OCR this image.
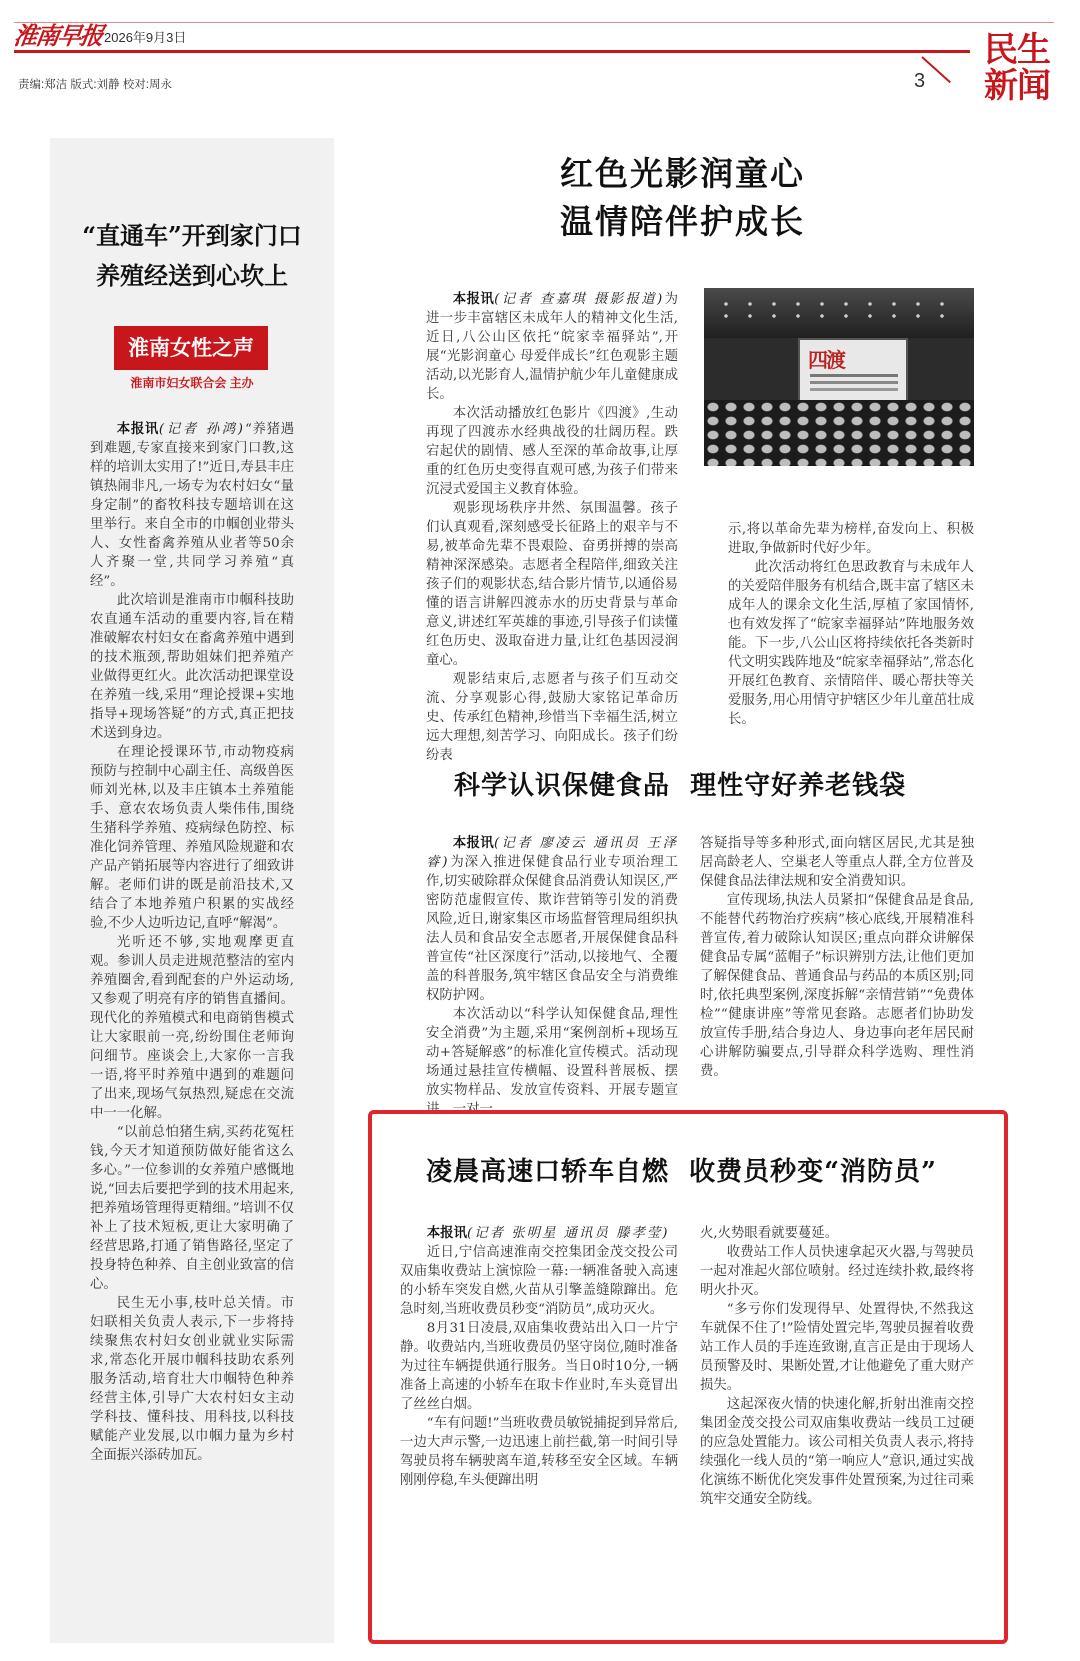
淮南早报 2026年9月3日
责编:郑洁 版式:刘静 校对:周永	3
民生新闻
“直通车”开到家门口
养殖经送到心坎上
淮南女性之声
淮南市妇女联合会 主办

本报讯(记者 孙鸿)“养猪遇到难题,专家直接来到家门口教,这样的培训太实用了!”近日,寿县丰庄镇热闹非凡,一场专为农村妇女“量身定制”的畜牧科技专题培训在这里举行。来自全市的巾帼创业带头人、女性畜禽养殖从业者等50余人齐聚一堂,共同学习养殖“真经”。

此次培训是淮南市巾帼科技助农直通车活动的重要内容,旨在精准破解农村妇女在畜禽养殖中遇到的技术瓶颈,帮助姐妹们把养殖产业做得更红火。此次活动把课堂设在养殖一线,采用“理论授课+实地指导+现场答疑”的方式,真正把技术送到身边。

在理论授课环节,市动物疫病预防与控制中心副主任、高级兽医师刘光林,以及丰庄镇本土养殖能手、意农农场负责人柴伟伟,围绕生猪科学养殖、疫病绿色防控、标准化饲养管理、养殖风险规避和农产品产销拓展等内容进行了细致讲解。老师们讲的既是前沿技术,又结合了本地养殖户积累的实战经验,不少人边听边记,直呼“解渴”。

光听还不够,实地观摩更直观。参训人员走进规范整洁的室内养殖圈舍,看到配套的户外运动场,又参观了明亮有序的销售直播间。现代化的养殖模式和电商销售模式让大家眼前一亮,纷纷围住老师询问细节。座谈会上,大家你一言我一语,将平时养殖中遇到的难题问了出来,现场气氛热烈,疑虑在交流中一一化解。

“以前总怕猪生病,买药花冤枉钱,今天才知道预防做好能省这么多心。”一位参训的女养殖户感慨地说,“回去后要把学到的技术用起来,把养殖场管理得更精细。”培训不仅补上了技术短板,更让大家明确了经营思路,打通了销售路径,坚定了投身特色种养、自主创业致富的信心。

民生无小事,枝叶总关情。市妇联相关负责人表示,下一步将持续聚焦农村妇女创业就业实际需求,常态化开展巾帼科技助农系列服务活动,培育壮大巾帼特色种养经营主体,引导广大农村妇女主动学科技、懂科技、用科技,以科技赋能产业发展,以巾帼力量为乡村全面振兴添砖加瓦。

红色光影润童心
温情陪伴护成长

本报讯(记者 查嘉琪 摄影报道)为进一步丰富辖区未成年人的精神文化生活,近日,八公山区依托“皖家幸福驿站”,开展“光影润童心 母爱伴成长”红色观影主题活动,以光影育人,温情护航少年儿童健康成长。

本次活动播放红色影片《四渡》,生动再现了四渡赤水经典战役的壮阔历程。跌宕起伏的剧情、感人至深的革命故事,让厚重的红色历史变得直观可感,为孩子们带来沉浸式爱国主义教育体验。

观影现场秩序井然、氛围温馨。孩子们认真观看,深刻感受长征路上的艰辛与不易,被革命先辈不畏艰险、奋勇拼搏的崇高精神深深感染。志愿者全程陪伴,细致关注孩子们的观影状态,结合影片情节,以通俗易懂的语言讲解四渡赤水的历史背景与革命意义,讲述红军英雄的事迹,引导孩子们读懂红色历史、汲取奋进力量,让红色基因浸润童心。

观影结束后,志愿者与孩子们互动交流、分享观影心得,鼓励大家铭记革命历史、传承红色精神,珍惜当下幸福生活,树立远大理想,刻苦学习、向阳成长。孩子们纷纷表

四渡

示,将以革命先辈为榜样,奋发向上、积极进取,争做新时代好少年。

此次活动将红色思政教育与未成年人的关爱陪伴服务有机结合,既丰富了辖区未成年人的课余文化生活,厚植了家国情怀,也有效发挥了“皖家幸福驿站”阵地服务效能。下一步,八公山区将持续依托各类新时代文明实践阵地及“皖家幸福驿站”,常态化开展红色教育、亲情陪伴、暖心帮扶等关爱服务,用心用情守护辖区少年儿童茁壮成长。

科学认识保健食品  理性守好养老钱袋

本报讯(记者 廖凌云 通讯员 王泽睿)为深入推进保健食品行业专项治理工作,切实破除群众保健食品消费认知误区,严密防范虚假宣传、欺诈营销等引发的消费风险,近日,谢家集区市场监督管理局组织执法人员和食品安全志愿者,开展保健食品科普宣传“社区深度行”活动,以接地气、全覆盖的科普服务,筑牢辖区食品安全与消费维权防护网。

本次活动以“科学认知保健食品,理性安全消费”为主题,采用“案例剖析+现场互动+答疑解惑”的标准化宣传模式。活动现场通过悬挂宣传横幅、设置科普展板、摆放实物样品、发放宣传资料、开展专题宣讲、一对一

答疑指导等多种形式,面向辖区居民,尤其是独居高龄老人、空巢老人等重点人群,全方位普及保健食品法律法规和安全消费知识。

宣传现场,执法人员紧扣“保健食品是食品,不能替代药物治疗疾病”核心底线,开展精准科普宣传,着力破除认知误区;重点向群众讲解保健食品专属“蓝帽子”标识辨别方法,让他们更加了解保健食品、普通食品与药品的本质区别;同时,依托典型案例,深度拆解“亲情营销”“免费体检”“健康讲座”等常见套路。志愿者们协助发放宣传手册,结合身边人、身边事向老年居民耐心讲解防骗要点,引导群众科学选购、理性消费。

凌晨高速口轿车自燃  收费员秒变“消防员”

本报讯(记者 张明星 通讯员 滕孝莹)

近日,宁信高速淮南交控集团金茂交投公司双庙集收费站上演惊险一幕:一辆准备驶入高速的小轿车突发自燃,火苗从引擎盖缝隙蹿出。危急时刻,当班收费员秒变“消防员”,成功灭火。

8月31日凌晨,双庙集收费站出入口一片宁静。收费站内,当班收费员仍坚守岗位,随时准备为过往车辆提供通行服务。当日0时10分,一辆准备上高速的小轿车在取卡作业时,车头竟冒出了丝丝白烟。

“车有问题!”当班收费员敏锐捕捉到异常后,一边大声示警,一边迅速上前拦截,第一时间引导驾驶员将车辆驶离车道,转移至安全区域。车辆刚刚停稳,车头便蹿出明

火,火势眼看就要蔓延。

收费站工作人员快速拿起灭火器,与驾驶员一起对准起火部位喷射。经过连续扑救,最终将明火扑灭。

“多亏你们发现得早、处置得快,不然我这车就保不住了!”险情处置完毕,驾驶员握着收费站工作人员的手连连致谢,直言正是由于现场人员预警及时、果断处置,才让他避免了重大财产损失。

这起深夜火情的快速化解,折射出淮南交控集团金茂交投公司双庙集收费站一线员工过硬的应急处置能力。该公司相关负责人表示,将持续强化一线人员的“第一响应人”意识,通过实战化演练不断优化突发事件处置预案,为过往司乘筑牢交通安全防线。
